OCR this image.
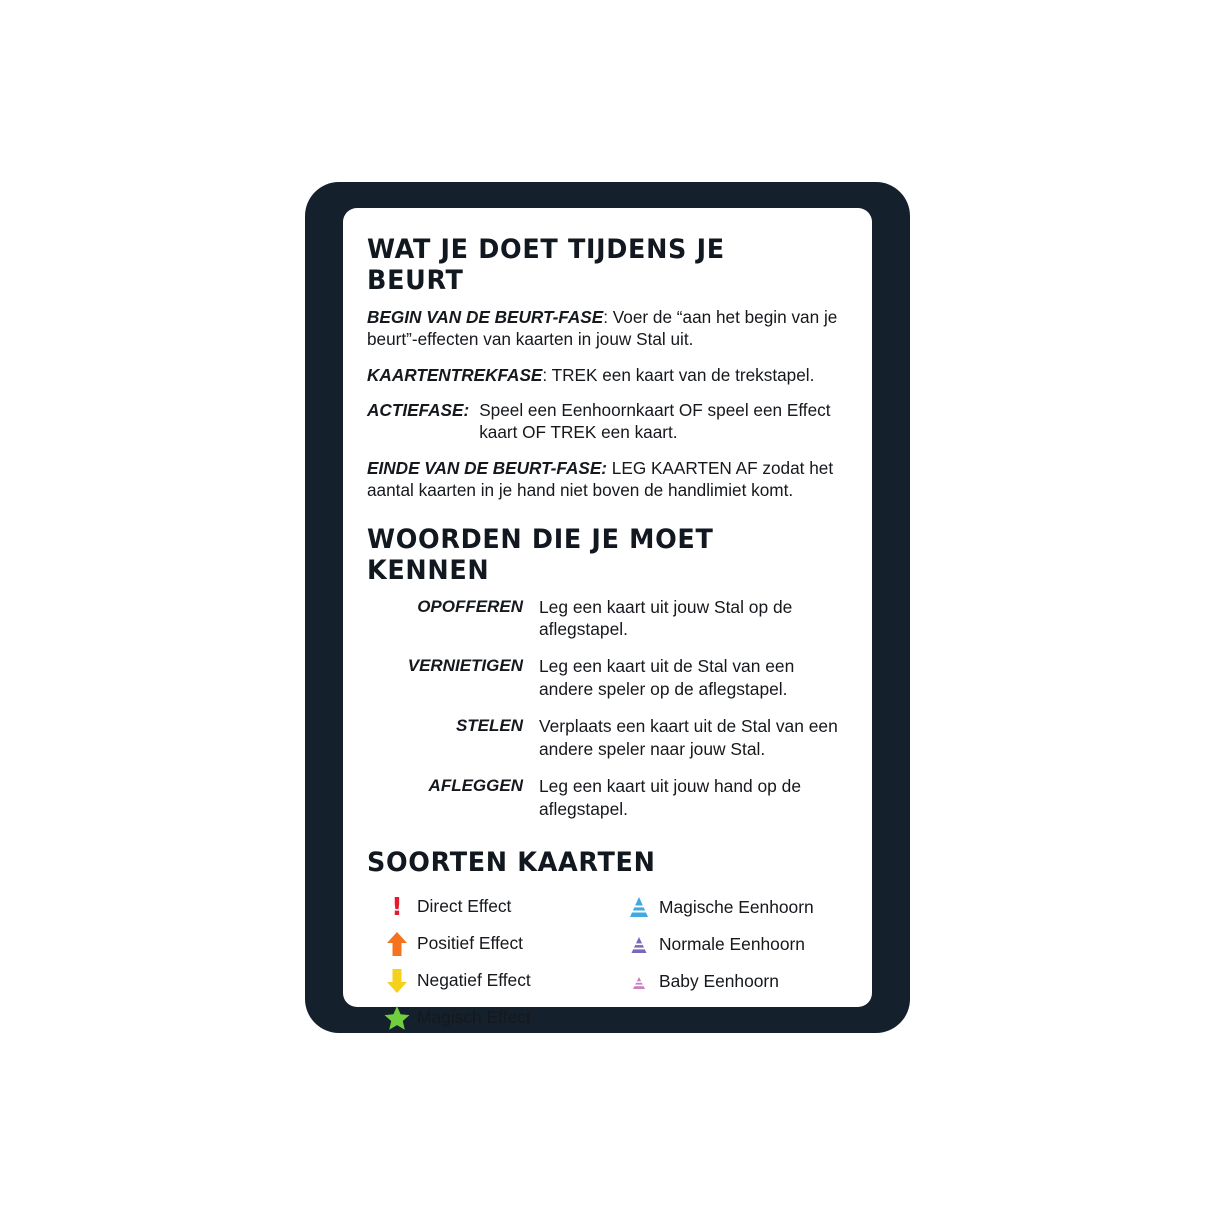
WAT JE DOET TIJDENS JE BEURT
BEGIN VAN DE BEURT-FASE: Voer de “aan het begin van je beurt”-effecten van kaarten in jouw Stal uit.
KAARTENTREKFASE: TREK een kaart van de trekstapel.
ACTIEFASE: Speel een Eenhoornkaart OF speel een Effect kaart OF TREK een kaart.
EINDE VAN DE BEURT-FASE: LEG KAARTEN AF zodat het aantal kaarten in je hand niet boven de handlimiet komt.
WOORDEN DIE JE MOET KENNEN
OPOFFEREN Leg een kaart uit jouw Stal op de aflegstapel.
VERNIETIGEN Leg een kaart uit de Stal van een andere speler op de aflegstapel.
STELEN Verplaats een kaart uit de Stal van een andere speler naar jouw Stal.
AFLEGGEN Leg een kaart uit jouw hand op de aflegstapel.
SOORTEN KAARTEN
! Direct Effect
Positief Effect
Negatief Effect
Magisch Effect
Magische Eenhoorn
Normale Eenhoorn
Baby Eenhoorn
